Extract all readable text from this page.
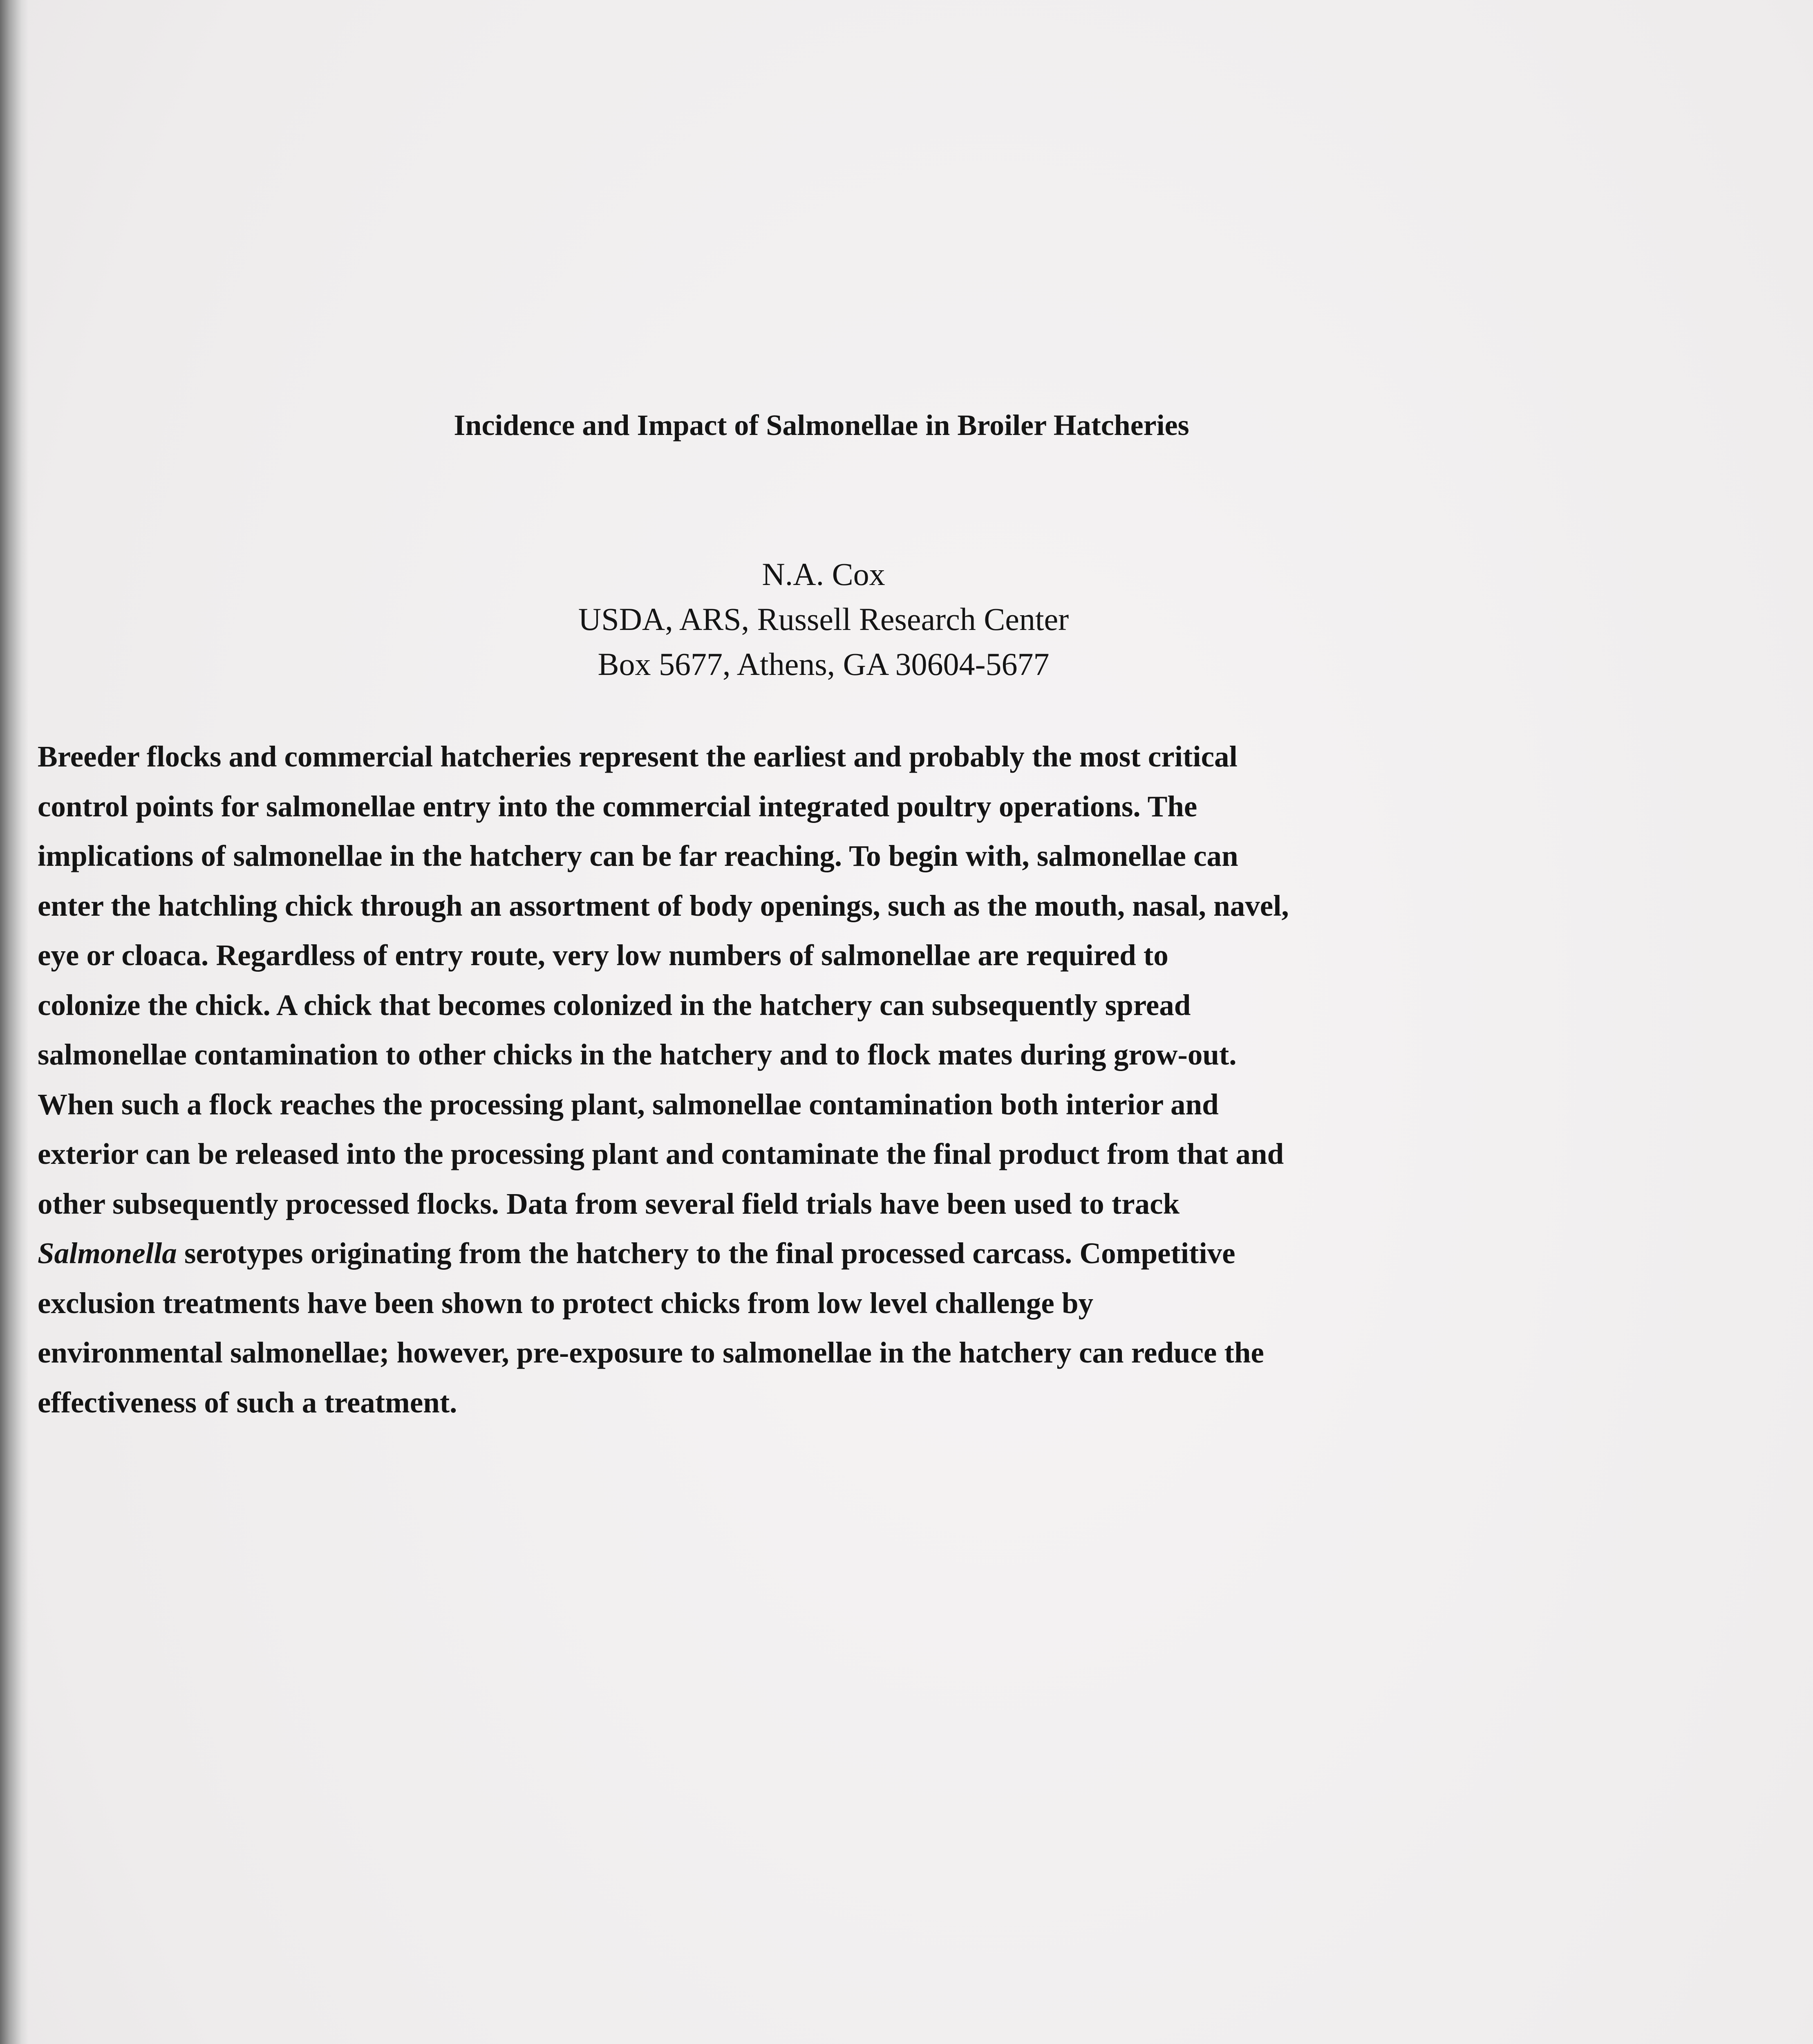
Incidence and Impact of Salmonellae in Broiler Hatcheries
N.A. Cox
USDA, ARS, Russell Research Center
Box 5677, Athens, GA 30604-5677
Breeder flocks and commercial hatcheries represent the earliest and probably the most critical
control points for salmonellae entry into the commercial integrated poultry operations. The
implications of salmonellae in the hatchery can be far reaching. To begin with, salmonellae can
enter the hatchling chick through an assortment of body openings, such as the mouth, nasal, navel,
eye or cloaca. Regardless of entry route, very low numbers of salmonellae are required to
colonize the chick. A chick that becomes colonized in the hatchery can subsequently spread
salmonellae contamination to other chicks in the hatchery and to flock mates during grow-out.
When such a flock reaches the processing plant, salmonellae contamination both interior and
exterior can be released into the processing plant and contaminate the final product from that and
other subsequently processed flocks. Data from several field trials have been used to track
Salmonella serotypes originating from the hatchery to the final processed carcass. Competitive
exclusion treatments have been shown to protect chicks from low level challenge by
environmental salmonellae; however, pre-exposure to salmonellae in the hatchery can reduce the
effectiveness of such a treatment.
